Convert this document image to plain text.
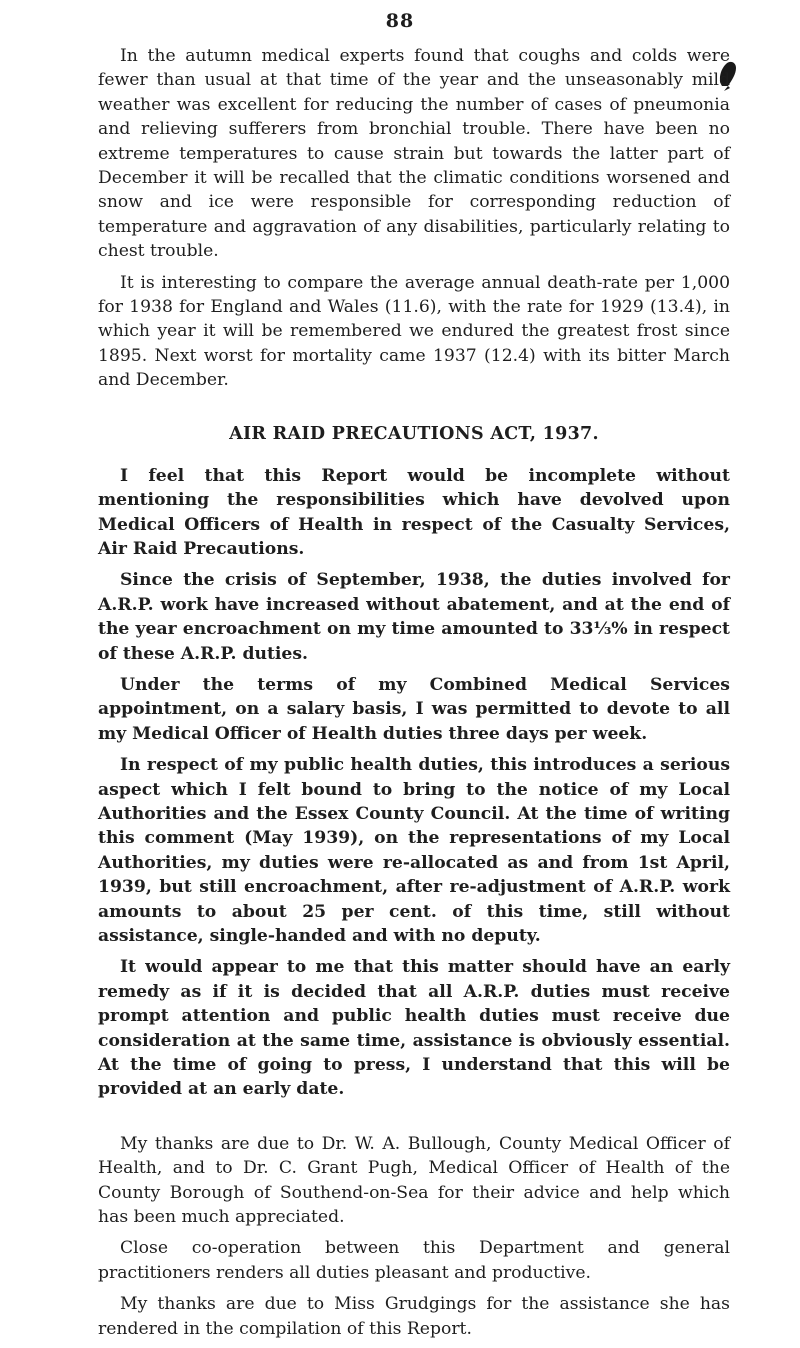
88

In the autumn medical experts found that coughs and colds were fewer than usual at that time of the year and the unseasonably mild weather was excellent for reducing the number of cases of pneumonia and relieving sufferers from bronchial trouble. There have been no extreme temperatures to cause strain but towards the latter part of December it will be recalled that the climatic conditions worsened and snow and ice were responsible for corresponding reduction of temperature and aggravation of any disabilities, particularly relating to chest trouble.

It is interesting to compare the average annual death-rate per 1,000 for 1938 for England and Wales (11.6), with the rate for 1929 (13.4), in which year it will be remembered we endured the greatest frost since 1895. Next worst for mortality came 1937 (12.4) with its bitter March and December.

AIR RAID PRECAUTIONS ACT, 1937.

I feel that this Report would be incomplete without mentioning the responsibilities which have devolved upon Medical Officers of Health in respect of the Casualty Services, Air Raid Precautions.

Since the crisis of September, 1938, the duties involved for A.R.P. work have increased without abatement, and at the end of the year encroachment on my time amounted to 33⅓% in respect of these A.R.P. duties.

Under the terms of my Combined Medical Services appointment, on a salary basis, I was permitted to devote to all my Medical Officer of Health duties three days per week.

In respect of my public health duties, this introduces a serious aspect which I felt bound to bring to the notice of my Local Authorities and the Essex County Council. At the time of writing this comment (May 1939), on the representations of my Local Authorities, my duties were re-allocated as and from 1st April, 1939, but still encroachment, after re-adjustment of A.R.P. work amounts to about 25 per cent. of this time, still without assistance, single-handed and with no deputy.

It would appear to me that this matter should have an early remedy as if it is decided that all A.R.P. duties must receive prompt attention and public health duties must receive due consideration at the same time, assistance is obviously essential. At the time of going to press, I understand that this will be provided at an early date.

My thanks are due to Dr. W. A. Bullough, County Medical Officer of Health, and to Dr. C. Grant Pugh, Medical Officer of Health of the County Borough of Southend-on-Sea for their advice and help which has been much appreciated.

Close co-operation between this Department and general practitioners renders all duties pleasant and productive.

My thanks are due to Miss Grudgings for the assistance she has rendered in the compilation of this Report.
